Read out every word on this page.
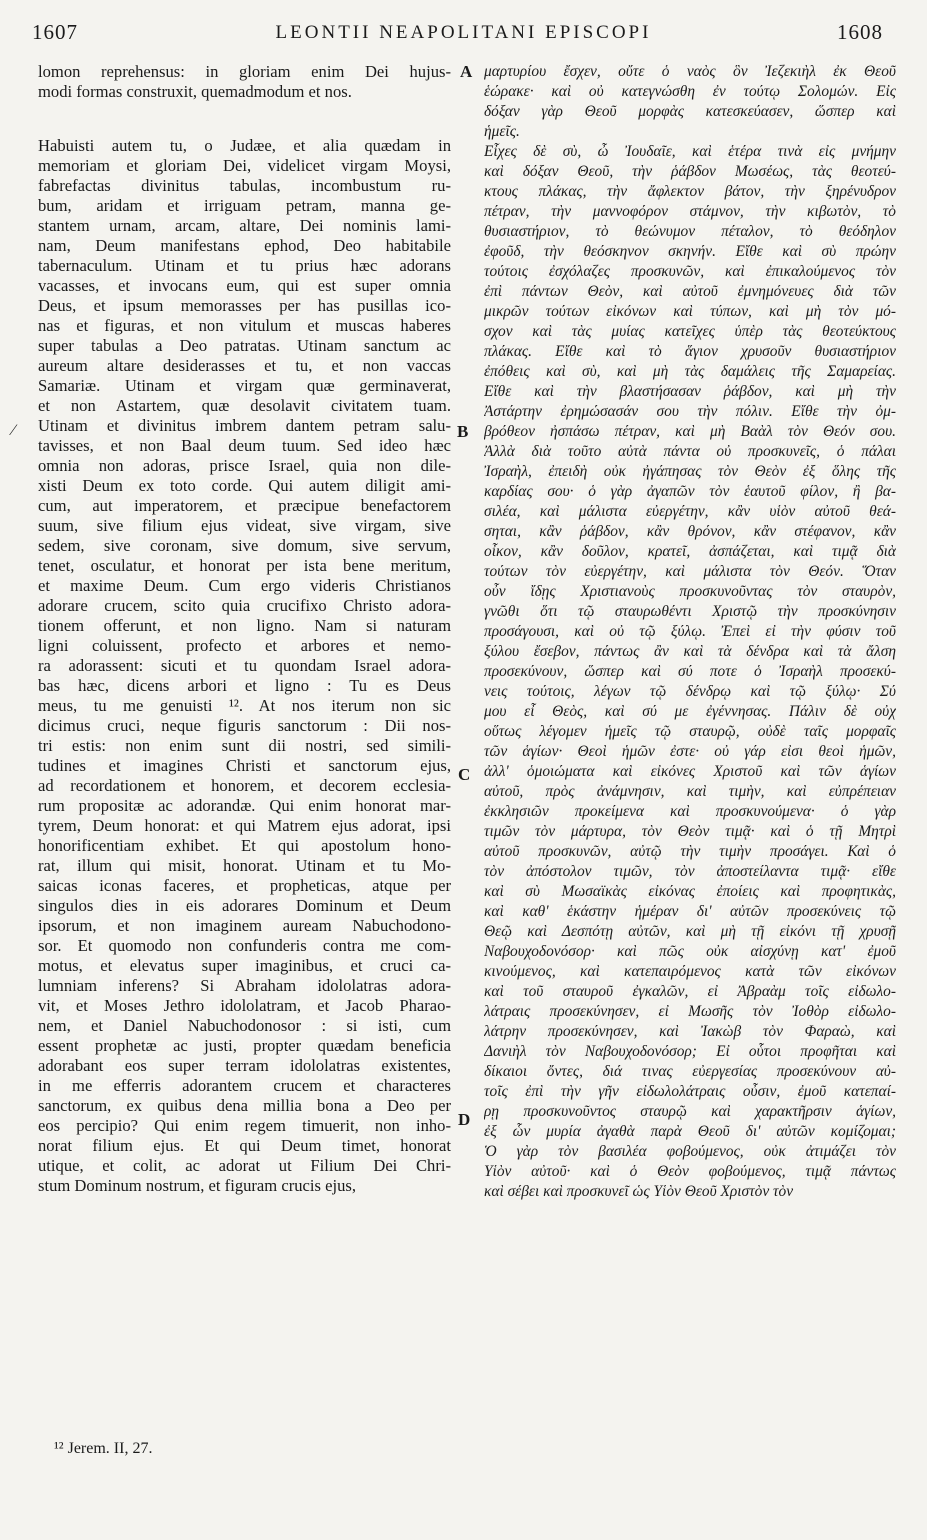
1607	LEONTII NEAPOLITANI EPISCOPI	1608
A
B
C
D
⁄
lomon reprehensus: in gloriam enim Dei hujus-
modi formas construxit, quemadmodum et nos.
Habuisti autem tu, o Judæe, et alia quædam in
memoriam et gloriam Dei, videlicet virgam Moysi,
fabrefactas divinitus tabulas, incombustum ru-
bum, aridam et irriguam petram, manna ge-
stantem urnam, arcam, altare, Dei nominis lami-
nam, Deum manifestans ephod, Deo habitabile
tabernaculum. Utinam et tu prius hæc adorans
vacasses, et invocans eum, qui est super omnia
Deus, et ipsum memorasses per has pusillas ico-
nas et figuras, et non vitulum et muscas haberes
super tabulas a Deo patratas. Utinam sanctum ac
aureum altare desiderasses et tu, et non vaccas
Samariæ. Utinam et virgam quæ germinaverat,
et non Astartem, quæ desolavit civitatem tuam.
Utinam et divinitus imbrem dantem petram salu-
tavisses, et non Baal deum tuum. Sed ideo hæc
omnia non adoras, prisce Israel, quia non dile-
xisti Deum ex toto corde. Qui autem diligit ami-
cum, aut imperatorem, et præcipue benefactorem
suum, sive filium ejus videat, sive virgam, sive
sedem, sive coronam, sive domum, sive servum,
tenet, osculatur, et honorat per ista bene meritum,
et maxime Deum. Cum ergo videris Christianos
adorare crucem, scito quia crucifixo Christo adora-
tionem offerunt, et non ligno. Nam si naturam
ligni coluissent, profecto et arbores et nemo-
ra adorassent: sicuti et tu quondam Israel adora-
bas hæc, dicens arbori et ligno : Tu es Deus
meus, tu me genuisti ¹². At nos iterum non sic
dicimus cruci, neque figuris sanctorum : Dii nos-
tri estis: non enim sunt dii nostri, sed simili-
tudines et imagines Christi et sanctorum ejus,
ad recordationem et honorem, et decorem ecclesia-
rum propositæ ac adorandæ. Qui enim honorat mar-
tyrem, Deum honorat: et qui Matrem ejus adorat, ipsi
honorificentiam exhibet. Et qui apostolum hono-
rat, illum qui misit, honorat. Utinam et tu Mo-
saicas iconas faceres, et propheticas, atque per
singulos dies in eis adorares Dominum et Deum
ipsorum, et non imaginem auream Nabuchodono-
sor. Et quomodo non confunderis contra me com-
motus, et elevatus super imaginibus, et cruci ca-
lumniam inferens? Si Abraham idololatras adora-
vit, et Moses Jethro idololatram, et Jacob Pharao-
nem, et Daniel Nabuchodonosor : si isti, cum
essent prophetæ ac justi, propter quædam beneficia
adorabant eos super terram idololatras existentes,
in me efferris adorantem crucem et characteres
sanctorum, ex quibus dena millia bona a Deo per
eos percipio? Qui enim regem timuerit, non inho-
norat filium ejus. Et qui Deum timet, honorat
utique, et colit, ac adorat ut Filium Dei Chri-
stum Dominum nostrum, et figuram crucis ejus,
μαρτυρίου ἔσχεν, οὔτε ὁ ναὸς ὃν Ἰεζεκιὴλ ἐκ Θεοῦ
ἑώρακε· καὶ οὐ κατεγνώσθη ἐν τούτῳ Σολομών. Εἰς
δόξαν γὰρ Θεοῦ μορφὰς κατεσκεύασεν, ὥσπερ καὶ
ἡμεῖς.
Εἶχες δὲ σὺ, ὦ Ἰουδαῖε, καὶ ἑτέρα τινὰ εἰς μνήμην
καὶ δόξαν Θεοῦ, τὴν ῥάβδον Μωσέως, τὰς θεοτεύ-
κτους πλάκας, τὴν ἄφλεκτον βάτον, τὴν ξηρένυδρον
πέτραν, τὴν μαννοφόρον στάμνον, τὴν κιβωτὸν, τὸ
θυσιαστήριον, τὸ θεώνυμον πέταλον, τὸ θεόδηλον
ἐφοῦδ, τὴν θεόσκηνον σκηνήν. Εἴθε καὶ σὺ πρώην
τούτοις ἐσχόλαζες προσκυνῶν, καὶ ἐπικαλούμενος τὸν
ἐπὶ πάντων Θεὸν, καὶ αὐτοῦ ἐμνημόνευες διὰ τῶν
μικρῶν τούτων εἰκόνων καὶ τύπων, καὶ μὴ τὸν μό-
σχον καὶ τὰς μυίας κατεῖχες ὑπὲρ τὰς θεοτεύκτους
πλάκας. Εἴθε καὶ τὸ ἅγιον χρυσοῦν θυσιαστήριον
ἐπόθεις καὶ σὺ, καὶ μὴ τὰς δαμάλεις τῆς Σαμαρείας.
Εἴθε καὶ τὴν βλαστήσασαν ῥάβδον, καὶ μὴ τὴν
Ἀστάρτην ἐρημώσασάν σου τὴν πόλιν. Εἴθε τὴν ὀμ-
βρόθεον ἠσπάσω πέτραν, καὶ μὴ Βαὰλ τὸν Θεόν σου.
Ἀλλὰ διὰ τοῦτο αὐτὰ πάντα οὐ προσκυνεῖς, ὁ πάλαι
Ἰσραὴλ, ἐπειδὴ οὐκ ἠγάπησας τὸν Θεὸν ἐξ ὅλης τῆς
καρδίας σου· ὁ γὰρ ἀγαπῶν τὸν ἑαυτοῦ φίλον, ἢ βα-
σιλέα, καὶ μάλιστα εὐεργέτην, κἂν υἱὸν αὐτοῦ θεά-
σηται, κἂν ῥάβδον, κἂν θρόνον, κἂν στέφανον, κἂν
οἶκον, κἂν δοῦλον, κρατεῖ, ἀσπάζεται, καὶ τιμᾷ διὰ
τούτων τὸν εὐεργέτην, καὶ μάλιστα τὸν Θεόν. Ὅταν
οὖν ἴδῃς Χριστιανοὺς προσκυνοῦντας τὸν σταυρὸν,
γνῶθι ὅτι τῷ σταυρωθέντι Χριστῷ τὴν προσκύνησιν
προσάγουσι, καὶ οὐ τῷ ξύλῳ. Ἐπεὶ εἰ τὴν φύσιν τοῦ
ξύλου ἔσεβον, πάντως ἂν καὶ τὰ δένδρα καὶ τὰ ἄλση
προσεκύνουν, ὥσπερ καὶ σύ ποτε ὁ Ἰσραὴλ προσεκύ-
νεις τούτοις, λέγων τῷ δένδρῳ καὶ τῷ ξύλῳ· Σύ
μου εἶ Θεὸς, καὶ σύ με ἐγέννησας. Πάλιν δὲ οὐχ
οὕτως λέγομεν ἡμεῖς τῷ σταυρῷ, οὐδὲ ταῖς μορφαῖς
τῶν ἁγίων· Θεοὶ ἡμῶν ἐστε· οὐ γάρ εἰσι θεοὶ ἡμῶν,
ἀλλ' ὁμοιώματα καὶ εἰκόνες Χριστοῦ καὶ τῶν ἁγίων
αὐτοῦ, πρὸς ἀνάμνησιν, καὶ τιμὴν, καὶ εὐπρέπειαν
ἐκκλησιῶν προκείμενα καὶ προσκυνούμενα· ὁ γὰρ
τιμῶν τὸν μάρτυρα, τὸν Θεὸν τιμᾷ· καὶ ὁ τῇ Μητρὶ
αὐτοῦ προσκυνῶν, αὐτῷ τὴν τιμὴν προσάγει. Καὶ ὁ
τὸν ἀπόστολον τιμῶν, τὸν ἀποστείλαντα τιμᾷ· εἴθε
καὶ σὺ Μωσαϊκὰς εἰκόνας ἐποίεις καὶ προφητικὰς,
καὶ καθ' ἑκάστην ἡμέραν δι' αὐτῶν προσεκύνεις τῷ
Θεῷ καὶ Δεσπότῃ αὐτῶν, καὶ μὴ τῇ εἰκόνι τῇ χρυσῇ
Ναβουχοδονόσορ· καὶ πῶς οὐκ αἰσχύνῃ κατ' ἐμοῦ
κινούμενος, καὶ κατεπαιρόμενος κατὰ τῶν εἰκόνων
καὶ τοῦ σταυροῦ ἐγκαλῶν, εἰ Ἀβραὰμ τοῖς εἰδωλο-
λάτραις προσεκύνησεν, εἰ Μωσῆς τὸν Ἰοθὸρ εἰδωλο-
λάτρην προσεκύνησεν, καὶ Ἰακὼβ τὸν Φαραὼ, καὶ
Δανιὴλ τὸν Ναβουχοδονόσορ; Εἰ οὗτοι προφῆται καὶ
δίκαιοι ὄντες, διά τινας εὐεργεσίας προσεκύνουν αὐ-
τοῖς ἐπὶ τὴν γῆν εἰδωλολάτραις οὖσιν, ἐμοῦ κατεπαί-
ρῃ προσκυνοῦντος σταυρῷ καὶ χαρακτῆρσιν ἁγίων,
ἐξ ὧν μυρία ἀγαθὰ παρὰ Θεοῦ δι' αὐτῶν κομίζομαι;
Ὁ γὰρ τὸν βασιλέα φοβούμενος, οὐκ ἀτιμάζει τὸν
Υἱὸν αὐτοῦ· καὶ ὁ Θεὸν φοβούμενος, τιμᾷ πάντως
καὶ σέβει καὶ προσκυνεῖ ὡς Υἱὸν Θεοῦ Χριστὸν τὸν
¹² Jerem. II, 27.
